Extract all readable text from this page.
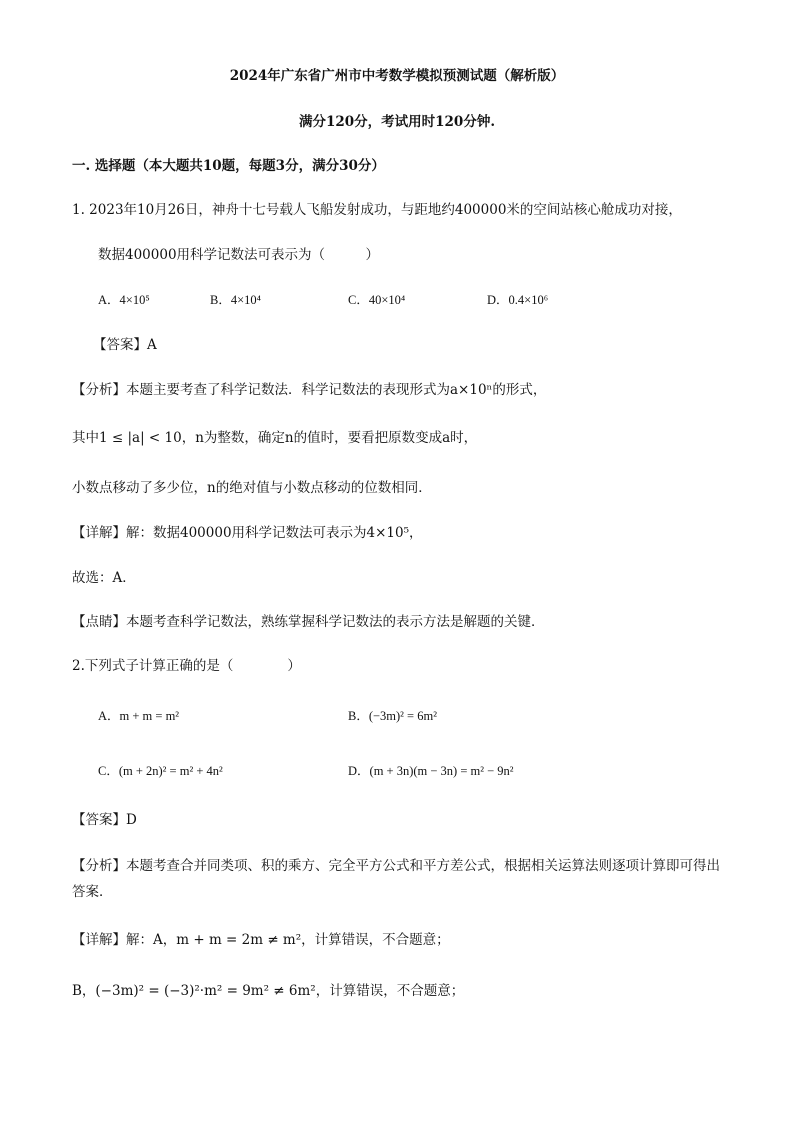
2024年广东省广州市中考数学模拟预测试题（解析版）
满分120分，考试用时120分钟.
一. 选择题（本大题共10题，每题3分，满分30分）
1. 2023年10月26日，神舟十七号载人飞船发射成功，与距地约400000米的空间站核心舱成功对接，
数据400000用科学记数法可表示为（　　　）
A．4×10⁵	B．4×10⁴	C．40×10⁴	D．0.4×10⁶
【答案】A
【分析】本题主要考查了科学记数法．科学记数法的表现形式为a×10ⁿ的形式，
其中1 ≤ |a| < 10，n为整数，确定n的值时，要看把原数变成a时，
小数点移动了多少位，n的绝对值与小数点移动的位数相同．
【详解】解：数据400000用科学记数法可表示为4×10⁵，
故选：A．
【点睛】本题考查科学记数法，熟练掌握科学记数法的表示方法是解题的关键．
2.下列式子计算正确的是（　　　　）
A．m + m = m²	B．(−3m)² = 6m²
C．(m + 2n)² = m² + 4n²	D．(m + 3n)(m − 3n) = m² − 9n²
【答案】D
【分析】本题考查合并同类项、积的乘方、完全平方公式和平方差公式，根据相关运算法则逐项计算即可得出答案．
【详解】解：A，m + m = 2m ≠ m²，计算错误，不合题意；
B，(−3m)² = (−3)²·m² = 9m² ≠ 6m²，计算错误，不合题意；
